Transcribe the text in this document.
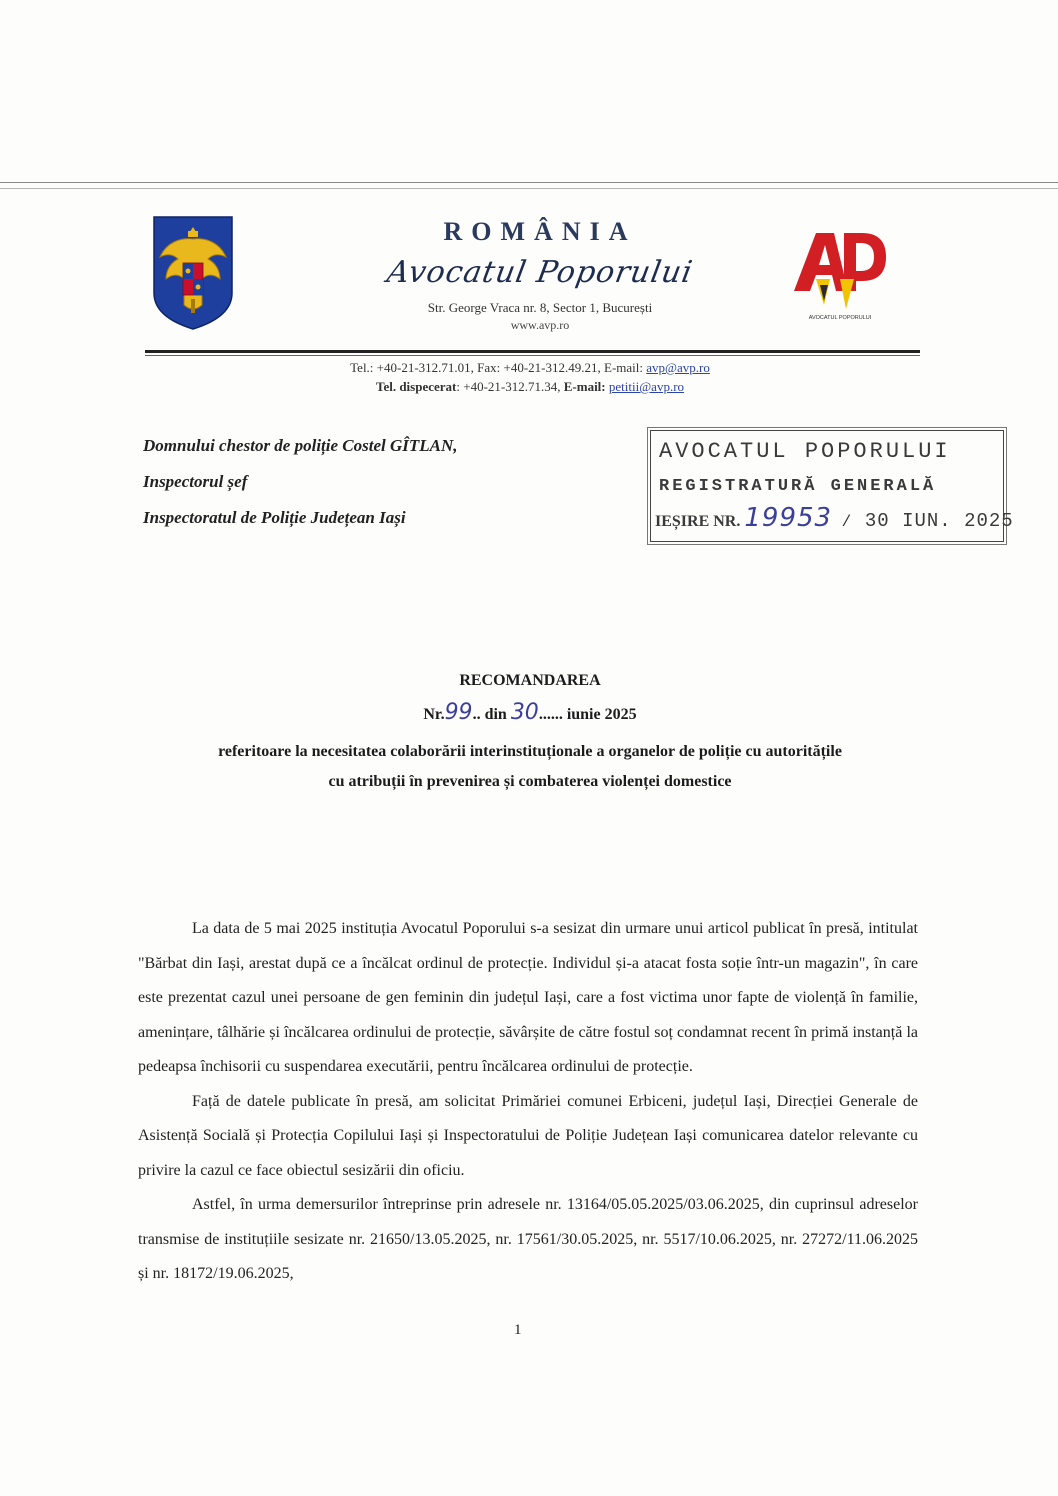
ROMÂNIA
Avocatul Poporului
Str. George Vraca nr. 8, Sector 1, București
www.avp.ro	AVOCATUL POPORULUI
Tel.: +40-21-312.71.01, Fax: +40-21-312.49.21, E-mail: avp@avp.ro
Tel. dispecerat: +40-21-312.71.34, E-mail: petitii@avp.ro
Domnului chestor de poliție Costel GÎTLAN,
Inspectorul șef
Inspectoratul de Poliție Județean Iași
AVOCATUL POPORULUI
REGISTRATURĂ GENERALĂ
IEȘIRE NR. 19953 / 30 IUN. 2025
RECOMANDAREA
Nr.99.. din 30...... iunie 2025
referitoare la necesitatea colaborării interinstituționale a organelor de poliție cu autoritățile
cu atribuții în prevenirea și combaterea violenței domestice

La data de 5 mai 2025 instituția Avocatul Poporului s-a sesizat din urmare unui articol publicat în presă, intitulat "Bărbat din Iași, arestat după ce a încălcat ordinul de protecție. Individul și-a atacat fosta soție într-un magazin", în care este prezentat cazul unei persoane de gen feminin din județul Iași, care a fost victima unor fapte de violență în familie, amenințare, tâlhărie și încălcarea ordinului de protecție, săvârșite de către fostul soț condamnat recent în primă instanță la pedeapsa închisorii cu suspendarea executării, pentru încălcarea ordinului de protecție.

Față de datele publicate în presă, am solicitat Primăriei comunei Erbiceni, județul Iași, Direcției Generale de Asistență Socială și Protecția Copilului Iași și Inspectoratului de Poliție Județean Iași comunicarea datelor relevante cu privire la cazul ce face obiectul sesizării din oficiu.

Astfel, în urma demersurilor întreprinse prin adresele nr. 13164/05.05.2025/03.06.2025, din cuprinsul adreselor transmise de instituțiile sesizate nr. 21650/13.05.2025, nr. 17561/30.05.2025, nr. 5517/10.06.2025, nr. 27272/11.06.2025 și nr. 18172/19.06.2025,

1
